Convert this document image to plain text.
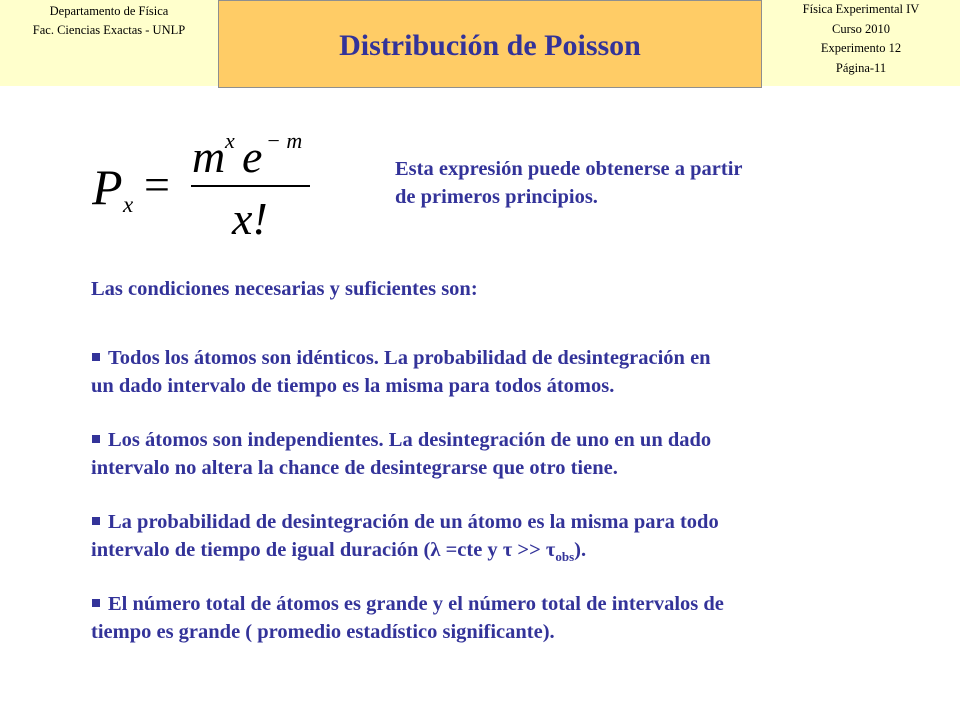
Departamento de Física
Fac. Ciencias Exactas - UNLP	Distribución de Poisson
Física Experimental IV
Curso 2010
Experimento 12
Página-11
P x =
m x e − m
x!
Esta expresión puede obtenerse a partir
de primeros principios.
Las condiciones necesarias y suficientes son:
Todos los átomos son idénticos. La probabilidad de desintegración en
un dado intervalo de tiempo es la misma para todos átomos.
Los átomos son independientes. La desintegración de uno en un dado
intervalo no altera la chance de desintegrarse que otro tiene.
La probabilidad de desintegración de un átomo es la misma para todo
intervalo de tiempo de igual duración (λ =cte y $\tau >> \tau_{obs}$).
El número total de átomos es grande y el número total de intervalos de
tiempo es grande ( promedio estadístico significante).
